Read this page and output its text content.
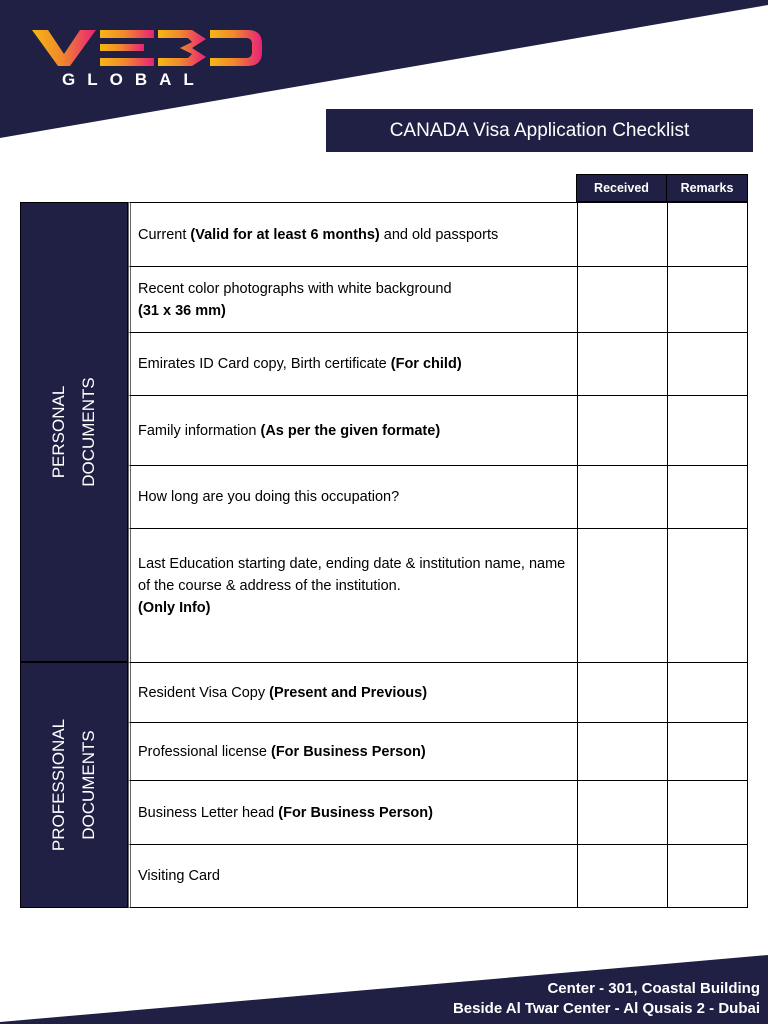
GLOBAL
CANADA Visa Application Checklist
Received	Remarks
PERSONAL DOCUMENTS
PROFESSIONAL DOCUMENTS
Current (Valid for at least 6 months) and old passports
Recent color photographs with white background
(31 x 36 mm)
Emirates ID Card copy, Birth certificate (For child)
Family information (As per the given formate)
How long are you doing this occupation?
Last Education starting date, ending date & institution name, name of the course & address of the institution.
(Only Info)
Resident Visa Copy (Present and Previous)
Professional license (For Business Person)
Business Letter head (For Business Person)
Visiting Card
Center - 301, Coastal Building
Beside Al Twar Center - Al Qusais 2 - Dubai
